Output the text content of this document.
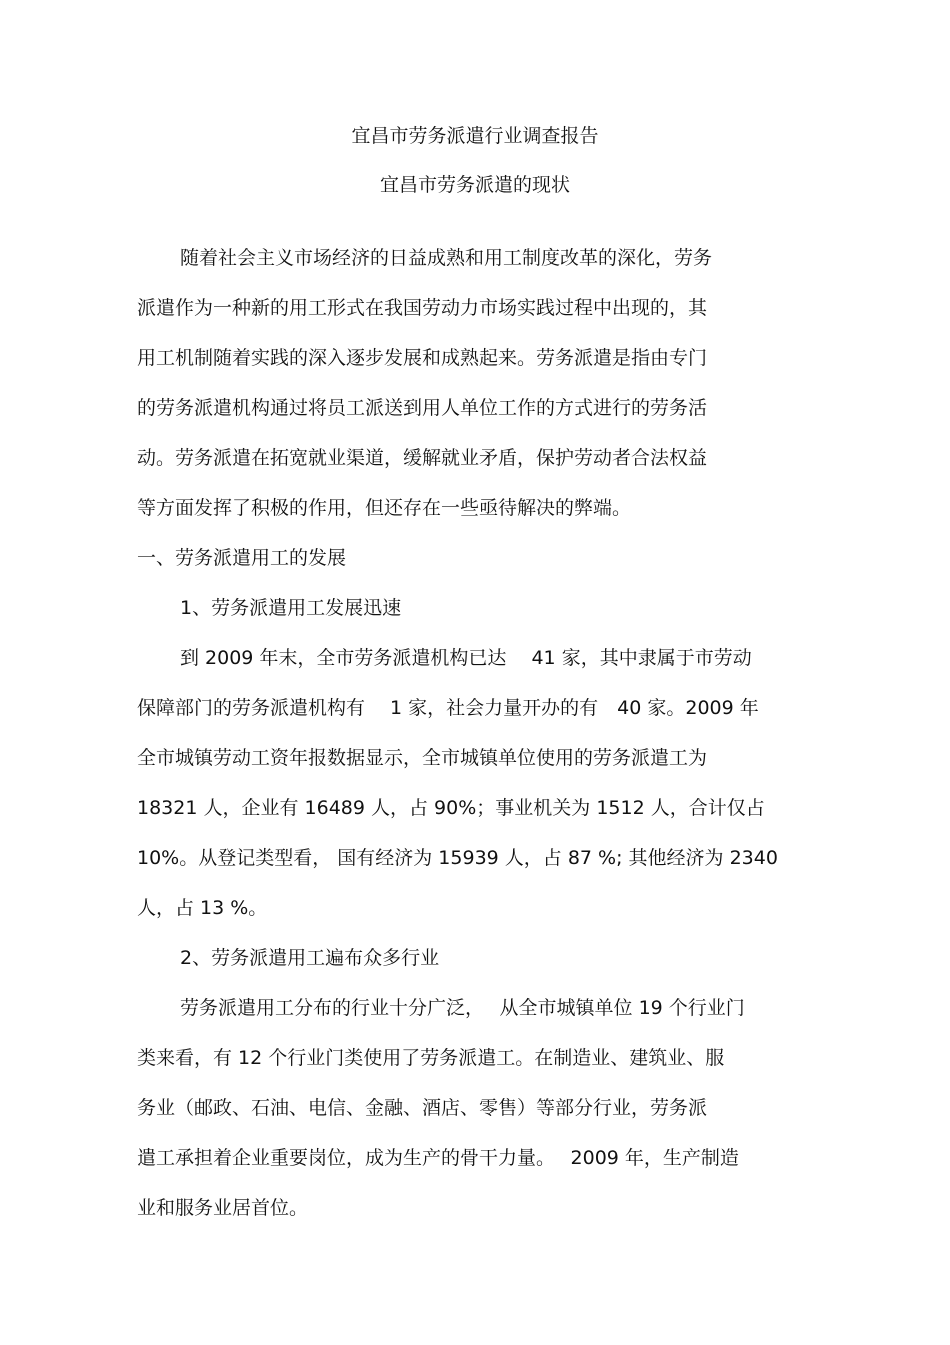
宜昌市劳务派遣行业调查报告
宜昌市劳务派遣的现状
随着社会主义市场经济的日益成熟和用工制度改革的深化，劳务
派遣作为一种新的用工形式在我国劳动力市场实践过程中出现的，其
用工机制随着实践的深入逐步发展和成熟起来。劳务派遣是指由专门
的劳务派遣机构通过将员工派送到用人单位工作的方式进行的劳务活
动。劳务派遣在拓宽就业渠道，缓解就业矛盾，保护劳动者合法权益
等方面发挥了积极的作用，但还存在一些亟待解决的弊端。
一、劳务派遣用工的发展
1、劳务派遣用工发展迅速
到 2009 年末，全市劳务派遣机构已达　 41 家，其中隶属于市劳动
保障部门的劳务派遣机构有　 1 家，社会力量开办的有　40 家。2009 年
全市城镇劳动工资年报数据显示，全市城镇单位使用的劳务派遣工为
18321 人，企业有 16489 人，占 90%；事业机关为 1512 人，合计仅占
10%。从登记类型看， 国有经济为 15939 人，占 87 %; 其他经济为 2340
人，占 13 %。
2、劳务派遣用工遍布众多行业
劳务派遣用工分布的行业十分广泛，　 从全市城镇单位 19 个行业门
类来看，有 12 个行业门类使用了劳务派遣工。在制造业、建筑业、服
务业（邮政、石油、电信、金融、酒店、零售）等部分行业，劳务派
遣工承担着企业重要岗位，成为生产的骨干力量。　 2009 年，生产制造
业和服务业居首位。
